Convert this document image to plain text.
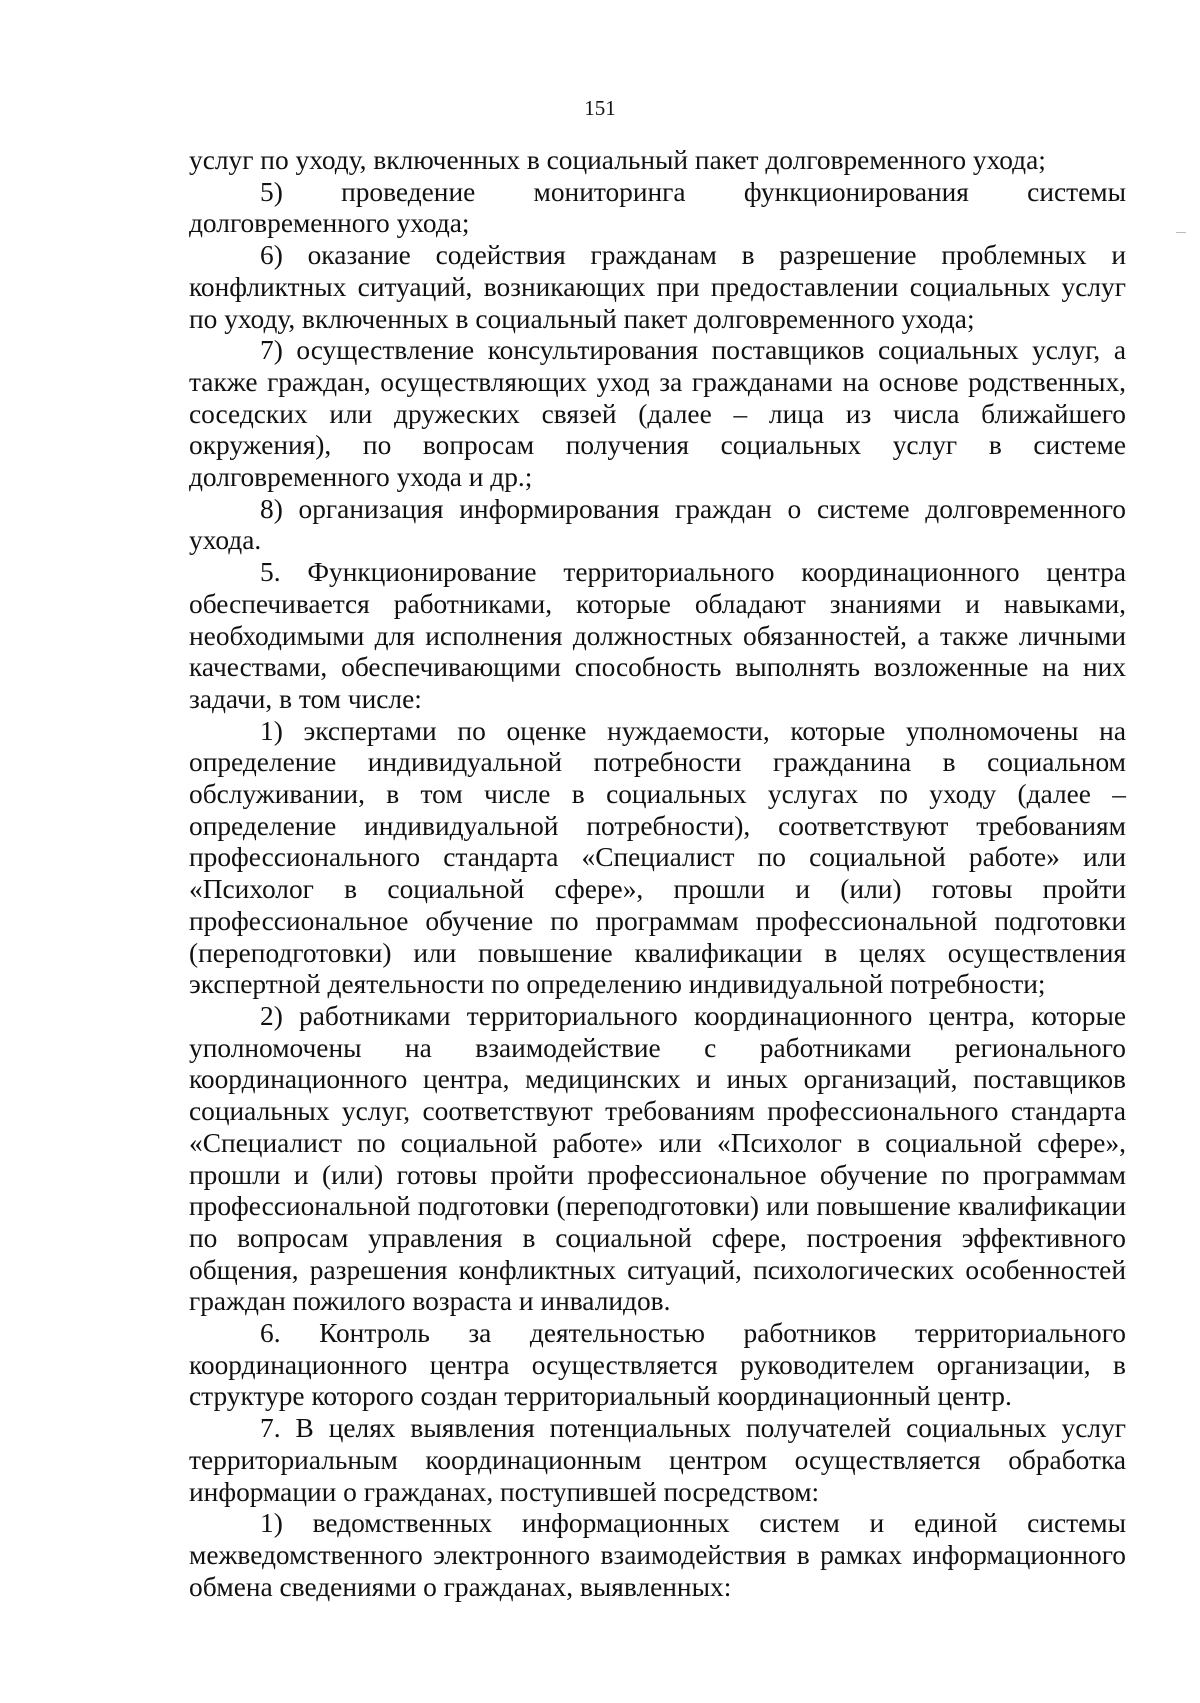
151

услуг по уходу, включенных в социальный пакет долговременного ухода;

5) проведение мониторинга функционирования системы долговременного ухода;

6) оказание содействия гражданам в разрешение проблемных и конфликтных ситуаций, возникающих при предоставлении социальных услуг по уходу, включенных в социальный пакет долговременного ухода;

7) осуществление консультирования поставщиков социальных услуг, а также граждан, осуществляющих уход за гражданами на основе родственных, соседских или дружеских связей (далее – лица из числа ближайшего окружения), по вопросам получения социальных услуг в системе долговременного ухода и др.;

8) организация информирования граждан о системе долговременного ухода.

5. Функционирование территориального координационного центра обеспечивается работниками, которые обладают знаниями и навыками, необходимыми для исполнения должностных обязанностей, а также личными качествами, обеспечивающими способность выполнять возложенные на них задачи, в том числе:

1) экспертами по оценке нуждаемости, которые уполномочены на определение индивидуальной потребности гражданина в социальном обслуживании, в том числе в социальных услугах по уходу (далее – определение индивидуальной потребности), соответствуют требованиям профессионального стандарта «Специалист по социальной работе» или «Психолог в социальной сфере», прошли и (или) готовы пройти профессиональное обучение по программам профессиональной подготовки (переподготовки) или повышение квалификации в целях осуществления экспертной деятельности по определению индивидуальной потребности;

2) работниками территориального координационного центра, которые уполномочены на взаимодействие с работниками регионального координационного центра, медицинских и иных организаций, поставщиков социальных услуг, соответствуют требованиям профессионального стандарта «Специалист по социальной работе» или «Психолог в социальной сфере», прошли и (или) готовы пройти профессиональное обучение по программам профессиональной подготовки (переподготовки) или повышение квалификации по вопросам управления в социальной сфере, построения эффективного общения, разрешения конфликтных ситуаций, психологических особенностей граждан пожилого возраста и инвалидов.

6. Контроль за деятельностью работников территориального координационного центра осуществляется руководителем организации, в структуре которого создан территориальный координационный центр.

7. В целях выявления потенциальных получателей социальных услуг территориальным координационным центром осуществляется обработка информации о гражданах, поступившей посредством:

1) ведомственных информационных систем и единой системы межведомственного электронного взаимодействия в рамках информационного обмена сведениями о гражданах, выявленных:
